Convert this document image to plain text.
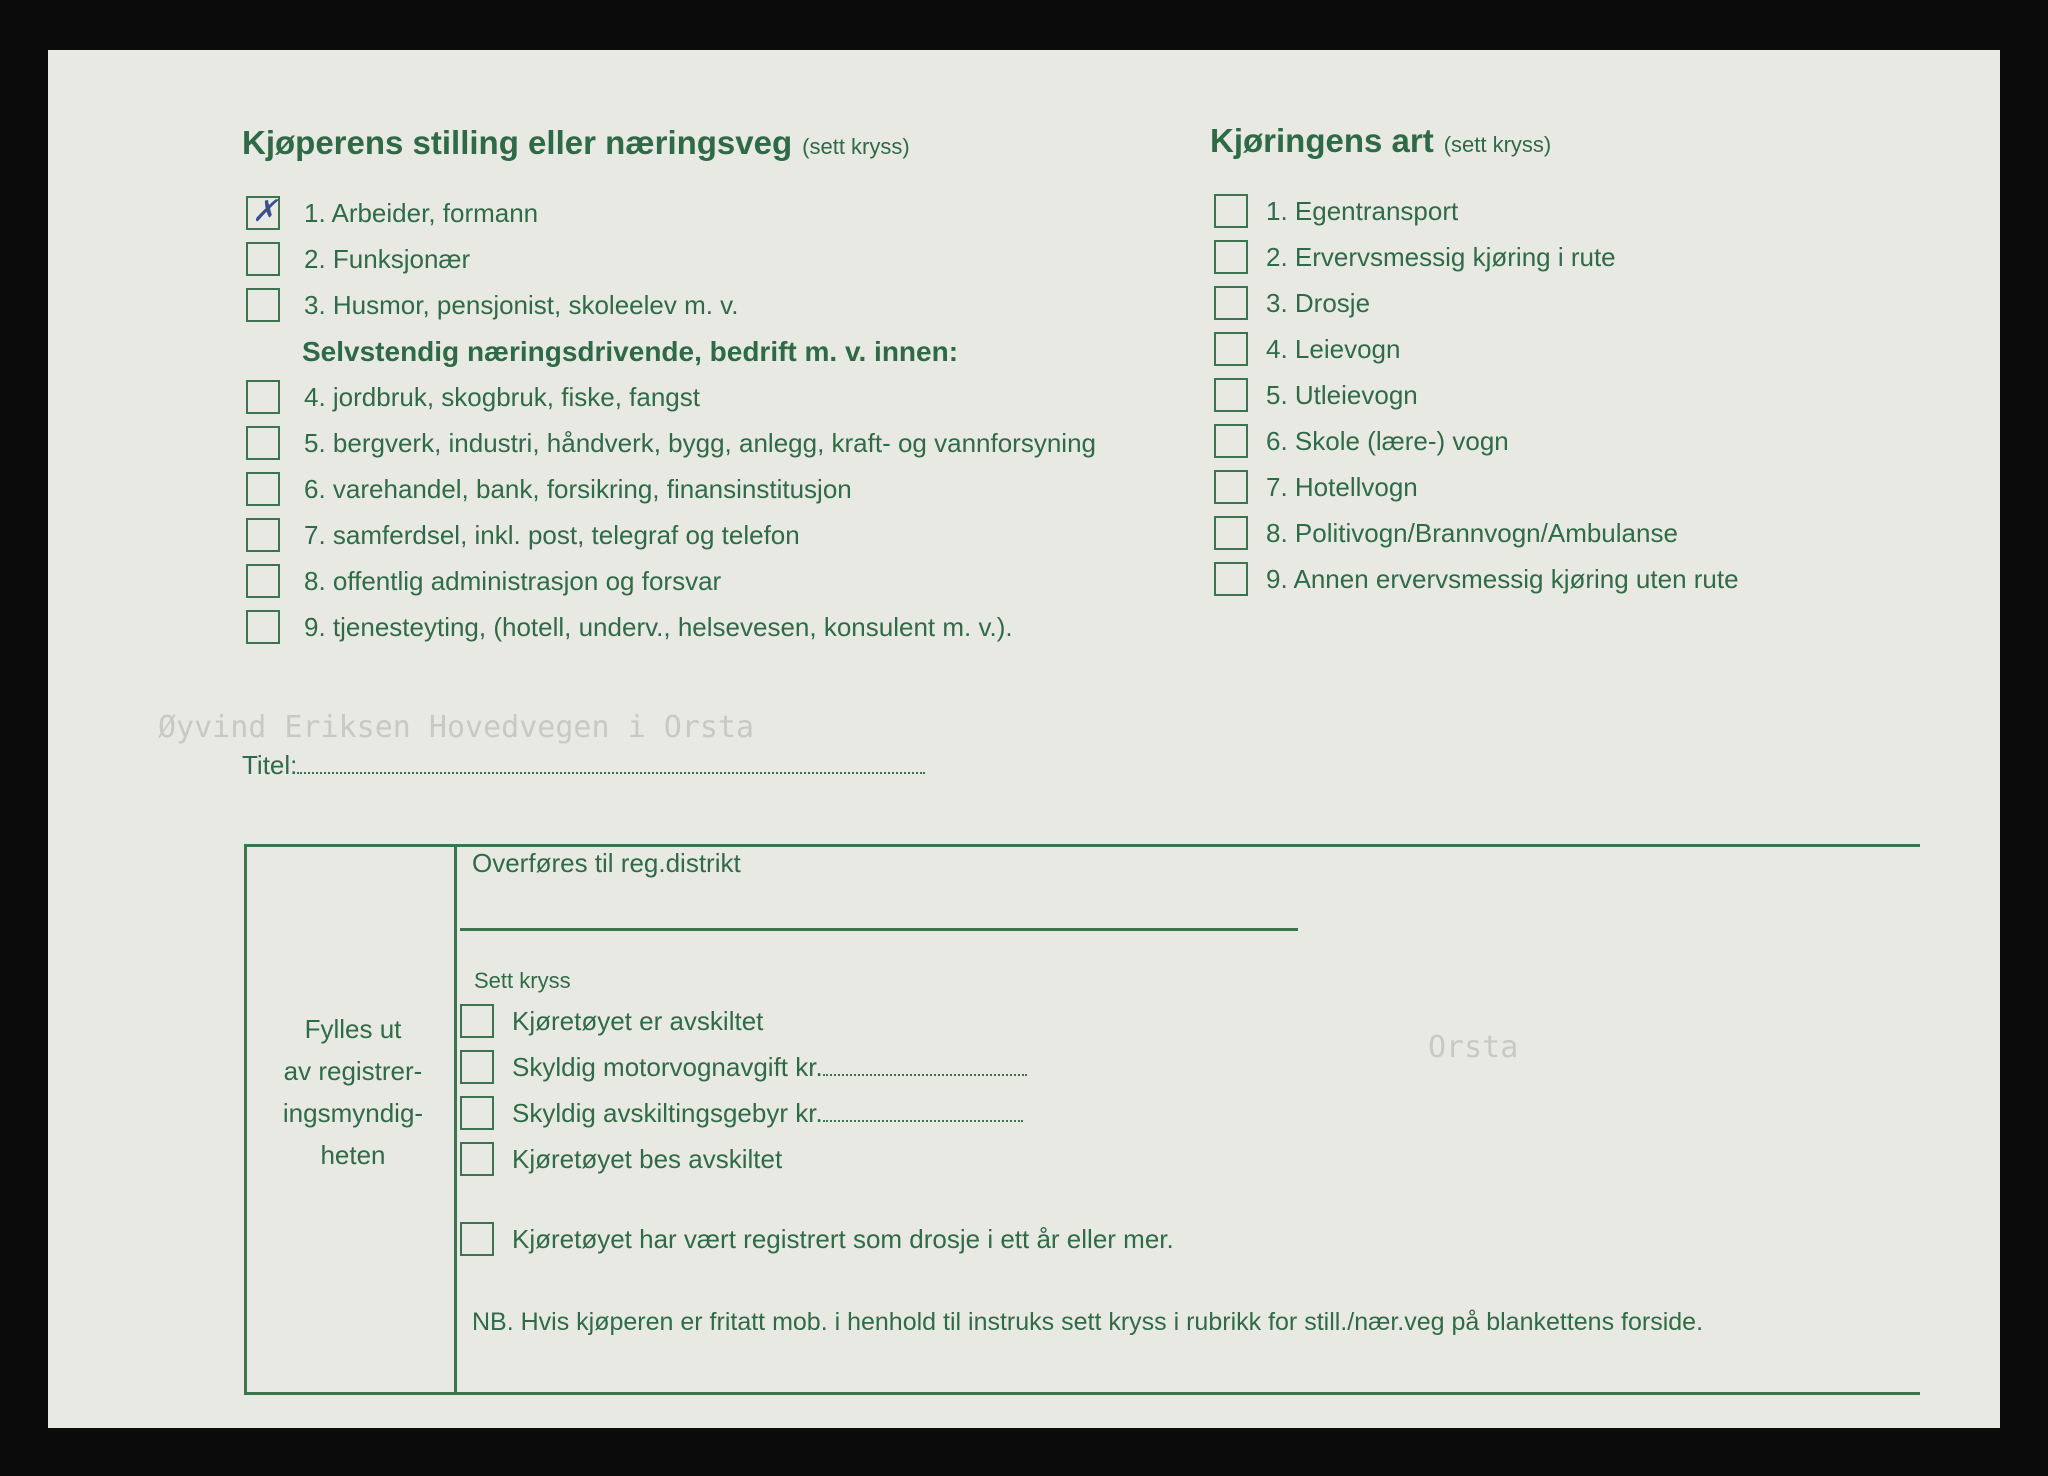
Øyvind Eriksen Hovedvegen i Orsta
Orsta
Kjøperens stilling eller næringsveg (sett kryss)
✗ 1. Arbeider, formann
2. Funksjonær
3. Husmor, pensjonist, skoleelev m. v.
Selvstendig næringsdrivende, bedrift m. v. innen:
4. jordbruk, skogbruk, fiske, fangst
5. bergverk, industri, håndverk, bygg, anlegg, kraft- og vannforsyning
6. varehandel, bank, forsikring, finansinstitusjon
7. samferdsel, inkl. post, telegraf og telefon
8. offentlig administrasjon og forsvar
9. tjenesteyting, (hotell, underv., helsevesen, konsulent m. v.).
Titel:
Kjøringens art (sett kryss)
1. Egentransport
2. Ervervsmessig kjøring i rute
3. Drosje
4. Leievogn
5. Utleievogn
6. Skole (lære-) vogn
7. Hotellvogn
8. Politivogn/Brannvogn/Ambulanse
9. Annen ervervsmessig kjøring uten rute
Fylles ut
av registrer-
ingsmyndig-
heten
Overføres til reg.distrikt
Sett kryss
Kjøretøyet er avskiltet
Skyldig motorvognavgift kr.
Skyldig avskiltingsgebyr kr.
Kjøretøyet bes avskiltet
Kjøretøyet har vært registrert som drosje i ett år eller mer.
NB. Hvis kjøperen er fritatt mob. i henhold til instruks sett kryss i rubrikk for still./nær.veg på blankettens forside.
